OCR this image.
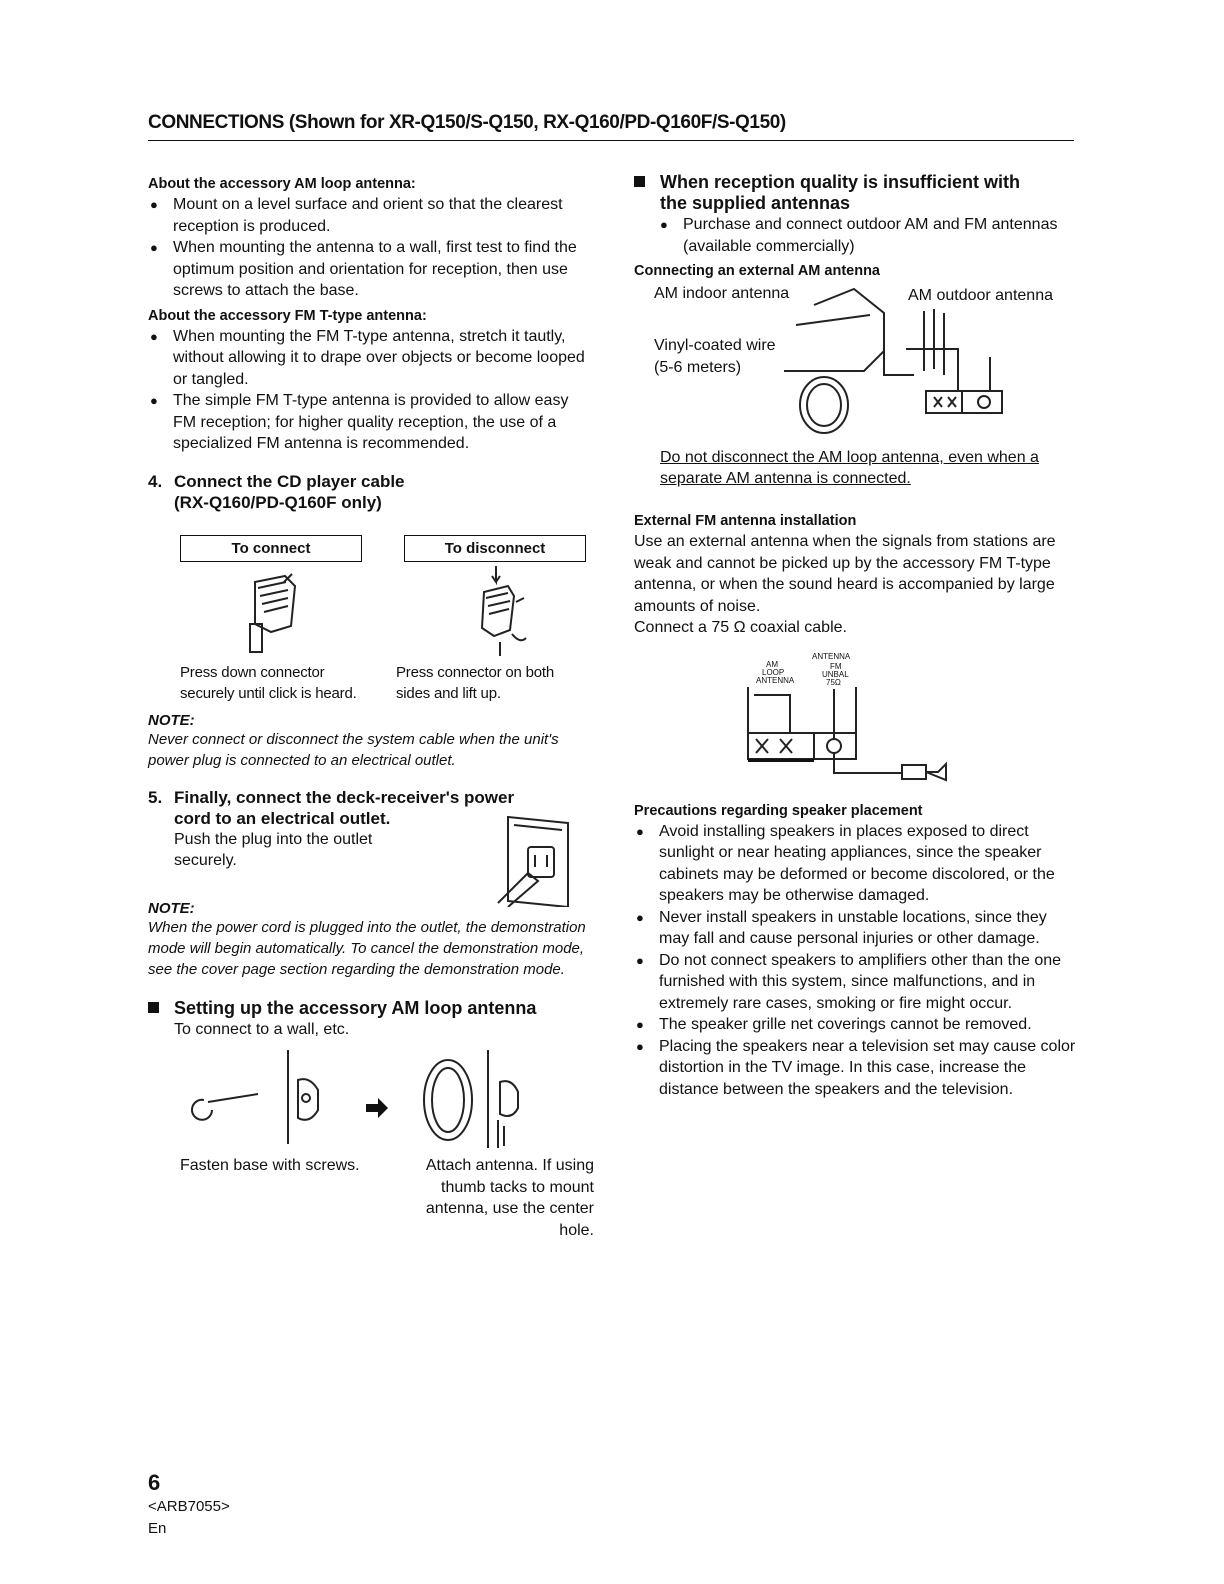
CONNECTIONS (Shown for XR-Q150/S-Q150, RX-Q160/PD-Q160F/S-Q150)
About the accessory AM loop antenna:
● Mount on a level surface and orient so that the clearest reception is produced.
● When mounting the antenna to a wall, first test to find the optimum position and orientation for reception, then use screws to attach the base.
About the accessory FM T-type antenna:
● When mounting the FM T-type antenna, stretch it tautly, without allowing it to drape over objects or become looped or tangled.
● The simple FM T-type antenna is provided to allow easy FM reception; for higher quality reception, the use of a specialized FM antenna is recommended.
4. Connect the CD player cable
(RX-Q160/PD-Q160F only)
To connect	To disconnect
Press down connector securely until click is heard.
Press connector on both sides and lift up.
NOTE:
Never connect or disconnect the system cable when the unit's power plug is connected to an electrical outlet.
5. Finally, connect the deck-receiver's power
cord to an electrical outlet.
Push the plug into the outlet securely.
NOTE:
When the power cord is plugged into the outlet, the demonstration mode will begin automatically. To cancel the demonstration mode, see the cover page section regarding the demonstration mode.
Setting up the accessory AM loop antenna
To connect to a wall, etc.
Fasten base with screws.	Attach antenna. If using thumb tacks to mount antenna, use the center hole.
When reception quality is insufficient with
the supplied antennas
● Purchase and connect outdoor AM and FM antennas (available commercially)
Connecting an external AM antenna
AM indoor antenna	AM outdoor antenna
Vinyl-coated wire
(5-6 meters)
Do not disconnect the AM loop antenna, even when a separate AM antenna is connected.
External FM antenna installation
Use an external antenna when the signals from stations are weak and cannot be picked up by the accessory FM T-type antenna, or when the sound heard is accompanied by large amounts of noise.
Connect a 75 Ω coaxial cable.
ANTENNA
AM
LOOP
ANTENNA
FM
UNBAL
75Ω
Precautions regarding speaker placement
● Avoid installing speakers in places exposed to direct sunlight or near heating appliances, since the speaker cabinets may be deformed or become discolored, or the speakers may be otherwise damaged.
● Never install speakers in unstable locations, since they may fall and cause personal injuries or other damage.
● Do not connect speakers to amplifiers other than the one furnished with this system, since malfunctions, and in extremely rare cases, smoking or fire might occur.
● The speaker grille net coverings cannot be removed.
● Placing the speakers near a television set may cause color distortion in the TV image. In this case, increase the distance between the speakers and the television.
6
<ARB7055>
En
